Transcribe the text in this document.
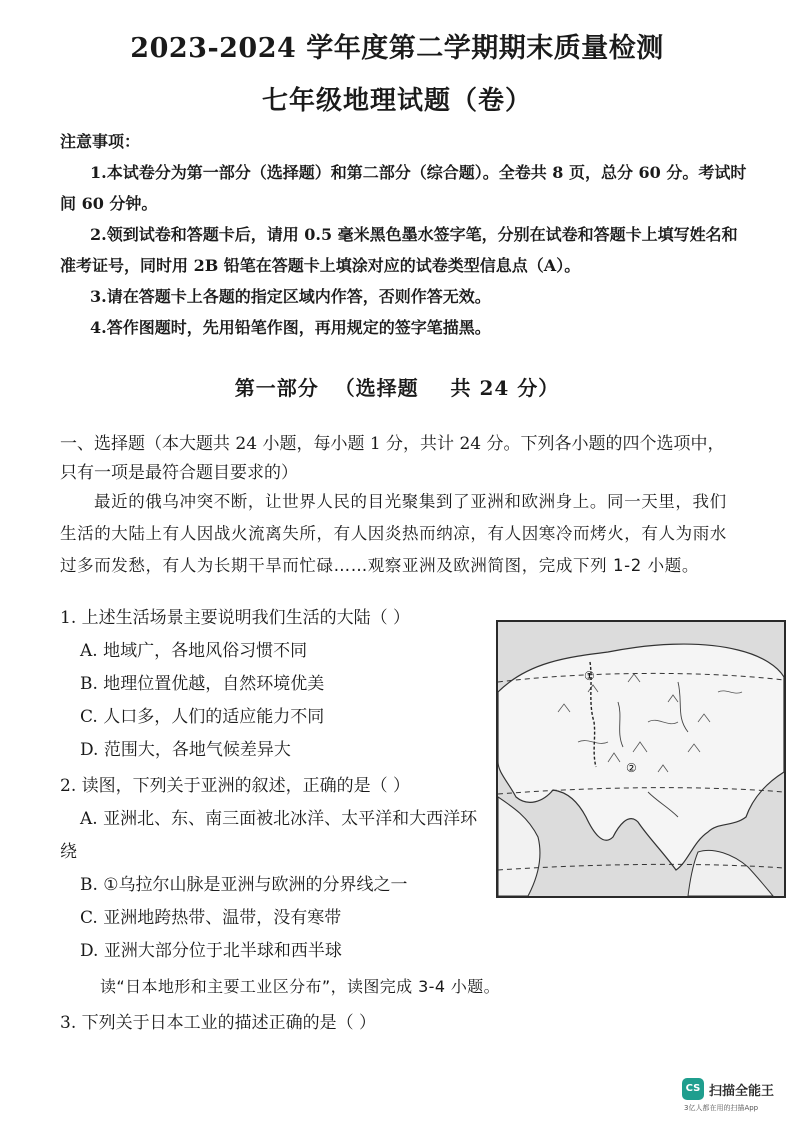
2023-2024 学年度第二学期期末质量检测
七年级地理试题（卷）
注意事项：
1.本试卷分为第一部分（选择题）和第二部分（综合题）。全卷共 8 页，总分 60 分。考试时间 60 分钟。
2.领到试卷和答题卡后，请用 0.5 毫米黑色墨水签字笔，分别在试卷和答题卡上填写姓名和准考证号，同时用 2B 铅笔在答题卡上填涂对应的试卷类型信息点（A）。
3.请在答题卡上各题的指定区域内作答，否则作答无效。
4.答作图题时，先用铅笔作图，再用规定的签字笔描黑。
第一部分  （选择题    共 24 分）
一、选择题（本大题共 24 小题，每小题 1 分，共计 24 分。下列各小题的四个选项中，只有一项是最符合题目要求的）
最近的俄乌冲突不断，让世界人民的目光聚集到了亚洲和欧洲身上。同一天里，我们生活的大陆上有人因战火流离失所，有人因炎热而纳凉，有人因寒冷而烤火，有人为雨水过多而发愁，有人为长期干旱而忙碌……观察亚洲及欧洲简图，完成下列 1-2 小题。
1. 上述生活场景主要说明我们生活的大陆（ ）
A. 地域广，各地风俗习惯不同
B. 地理位置优越，自然环境优美
C. 人口多，人们的适应能力不同
D. 范围大，各地气候差异大
2. 读图，下列关于亚洲的叙述，正确的是（ ）
A. 亚洲北、东、南三面被北冰洋、太平洋和大西洋环绕
B. ①乌拉尔山脉是亚洲与欧洲的分界线之一
C. 亚洲地跨热带、温带，没有寒带
D. 亚洲大部分位于北半球和西半球
①
②
读“日本地形和主要工业区分布”，读图完成 3-4 小题。
3. 下列关于日本工业的描述正确的是（ ）
CS 扫描全能王
3亿人都在用的扫描App
